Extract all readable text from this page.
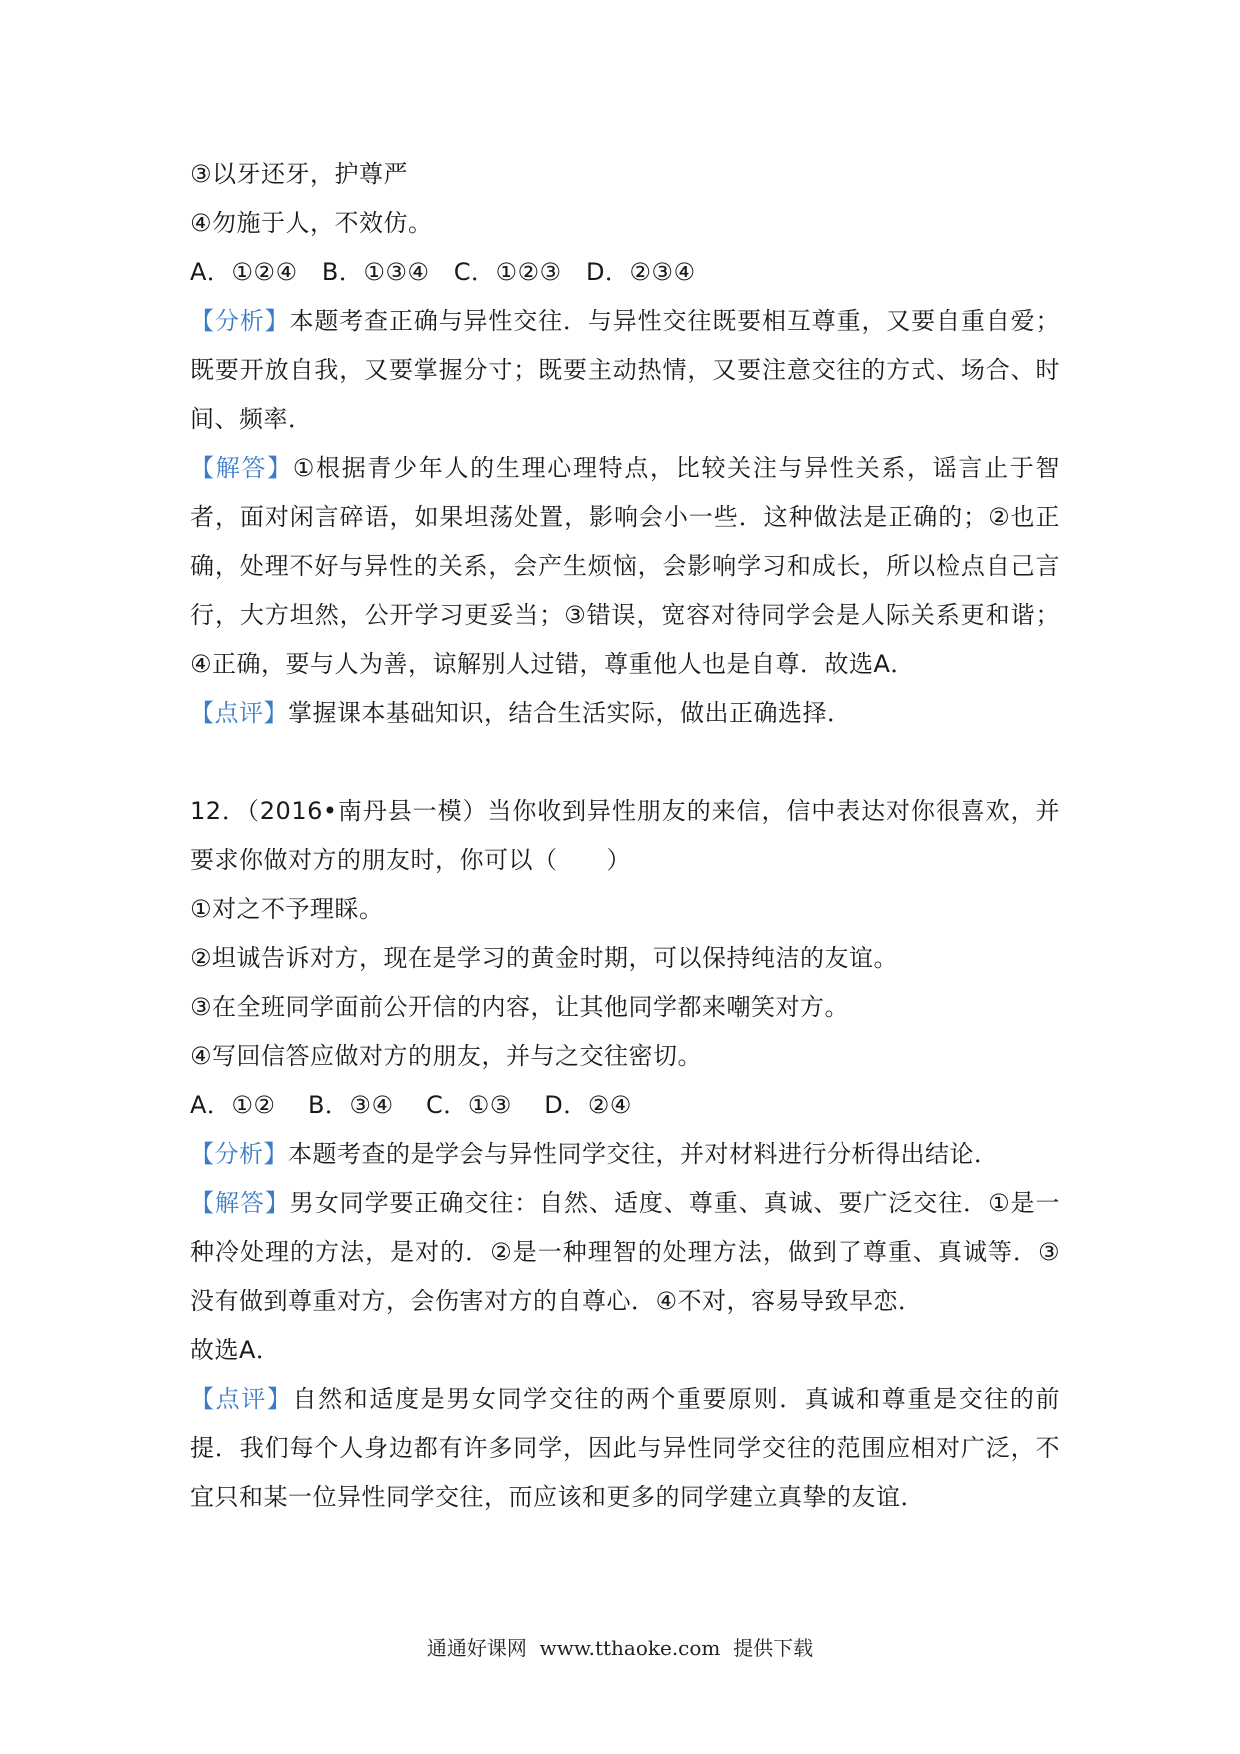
③以牙还牙，护尊严
④勿施于人，不效仿。
A．①②④   B．①③④   C．①②③   D．②③④
【分析】本题考查正确与异性交往．与异性交往既要相互尊重，又要自重自爱；既要开放自我，又要掌握分寸；既要主动热情，又要注意交往的方式、场合、时间、频率．
【解答】①根据青少年人的生理心理特点，比较关注与异性关系，谣言止于智者，面对闲言碎语，如果坦荡处置，影响会小一些．这种做法是正确的；②也正确，处理不好与异性的关系，会产生烦恼，会影响学习和成长，所以检点自己言行，大方坦然，公开学习更妥当；③错误，宽容对待同学会是人际关系更和谐；④正确，要与人为善，谅解别人过错，尊重他人也是自尊．故选A．
【点评】掌握课本基础知识，结合生活实际，做出正确选择．
12．（2016•南丹县一模）当你收到异性朋友的来信，信中表达对你很喜欢，并要求你做对方的朋友时，你可以（　　）
①对之不予理睬。
②坦诚告诉对方，现在是学习的黄金时期，可以保持纯洁的友谊。
③在全班同学面前公开信的内容，让其他同学都来嘲笑对方。
④写回信答应做对方的朋友，并与之交往密切。
A．①②    B．③④    C．①③    D．②④
【分析】本题考查的是学会与异性同学交往，并对材料进行分析得出结论．
【解答】男女同学要正确交往：自然、适度、尊重、真诚、要广泛交往．①是一种冷处理的方法，是对的．②是一种理智的处理方法，做到了尊重、真诚等．③没有做到尊重对方，会伤害对方的自尊心．④不对，容易导致早恋．
故选A．
【点评】自然和适度是男女同学交往的两个重要原则．真诚和尊重是交往的前提．我们每个人身边都有许多同学，因此与异性同学交往的范围应相对广泛，不宜只和某一位异性同学交往，而应该和更多的同学建立真挚的友谊．
通通好课网  www.tthaoke.com  提供下载
